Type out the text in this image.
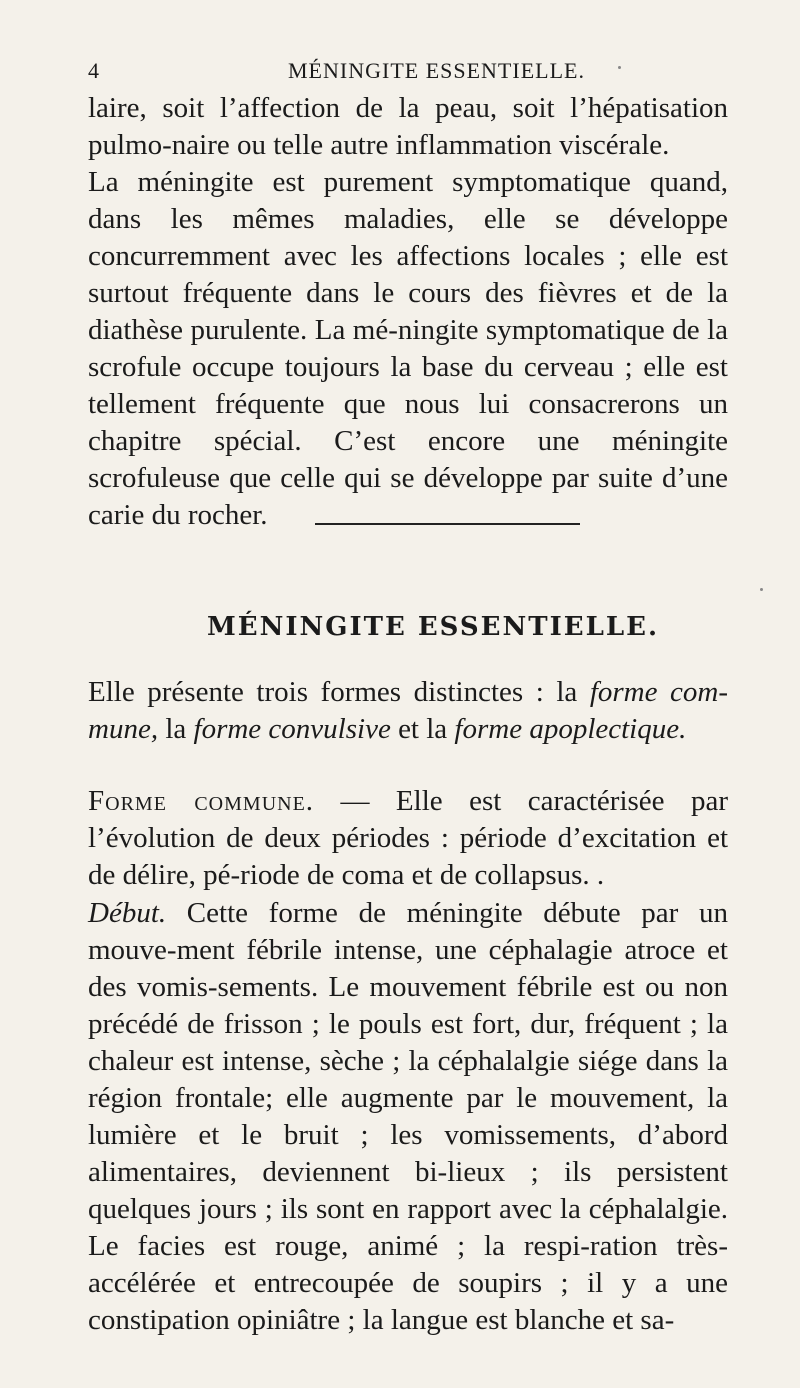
4	MÉNINGITE ESSENTIELLE.

laire, soit l’affection de la peau, soit l’hépatisation pulmo-naire ou telle autre inflammation viscérale.

La méningite est purement symptomatique quand, dans les mêmes maladies, elle se développe concurremment avec les affections locales ; elle est surtout fréquente dans le cours des fièvres et de la diathèse purulente. La mé-ningite symptomatique de la scrofule occupe toujours la base du cerveau ; elle est tellement fréquente que nous lui consacrerons un chapitre spécial. C’est encore une méningite scrofuleuse que celle qui se développe par suite d’une carie du rocher.

MÉNINGITE ESSENTIELLE.

Elle présente trois formes distinctes : la forme com-mune, la forme convulsive et la forme apoplectique.

Forme commune. — Elle est caractérisée par l’évolution de deux périodes : période d’excitation et de délire, pé-riode de coma et de collapsus. .

Début. Cette forme de méningite débute par un mouve-ment fébrile intense, une céphalagie atroce et des vomis-sements. Le mouvement fébrile est ou non précédé de frisson ; le pouls est fort, dur, fréquent ; la chaleur est intense, sèche ; la céphalalgie siége dans la région frontale; elle augmente par le mouvement, la lumière et le bruit ; les vomissements, d’abord alimentaires, deviennent bi-lieux ; ils persistent quelques jours ; ils sont en rapport avec la céphalalgie. Le facies est rouge, animé ; la respi-ration très-accélérée et entrecoupée de soupirs ; il y a une constipation opiniâtre ; la langue est blanche et sa-
